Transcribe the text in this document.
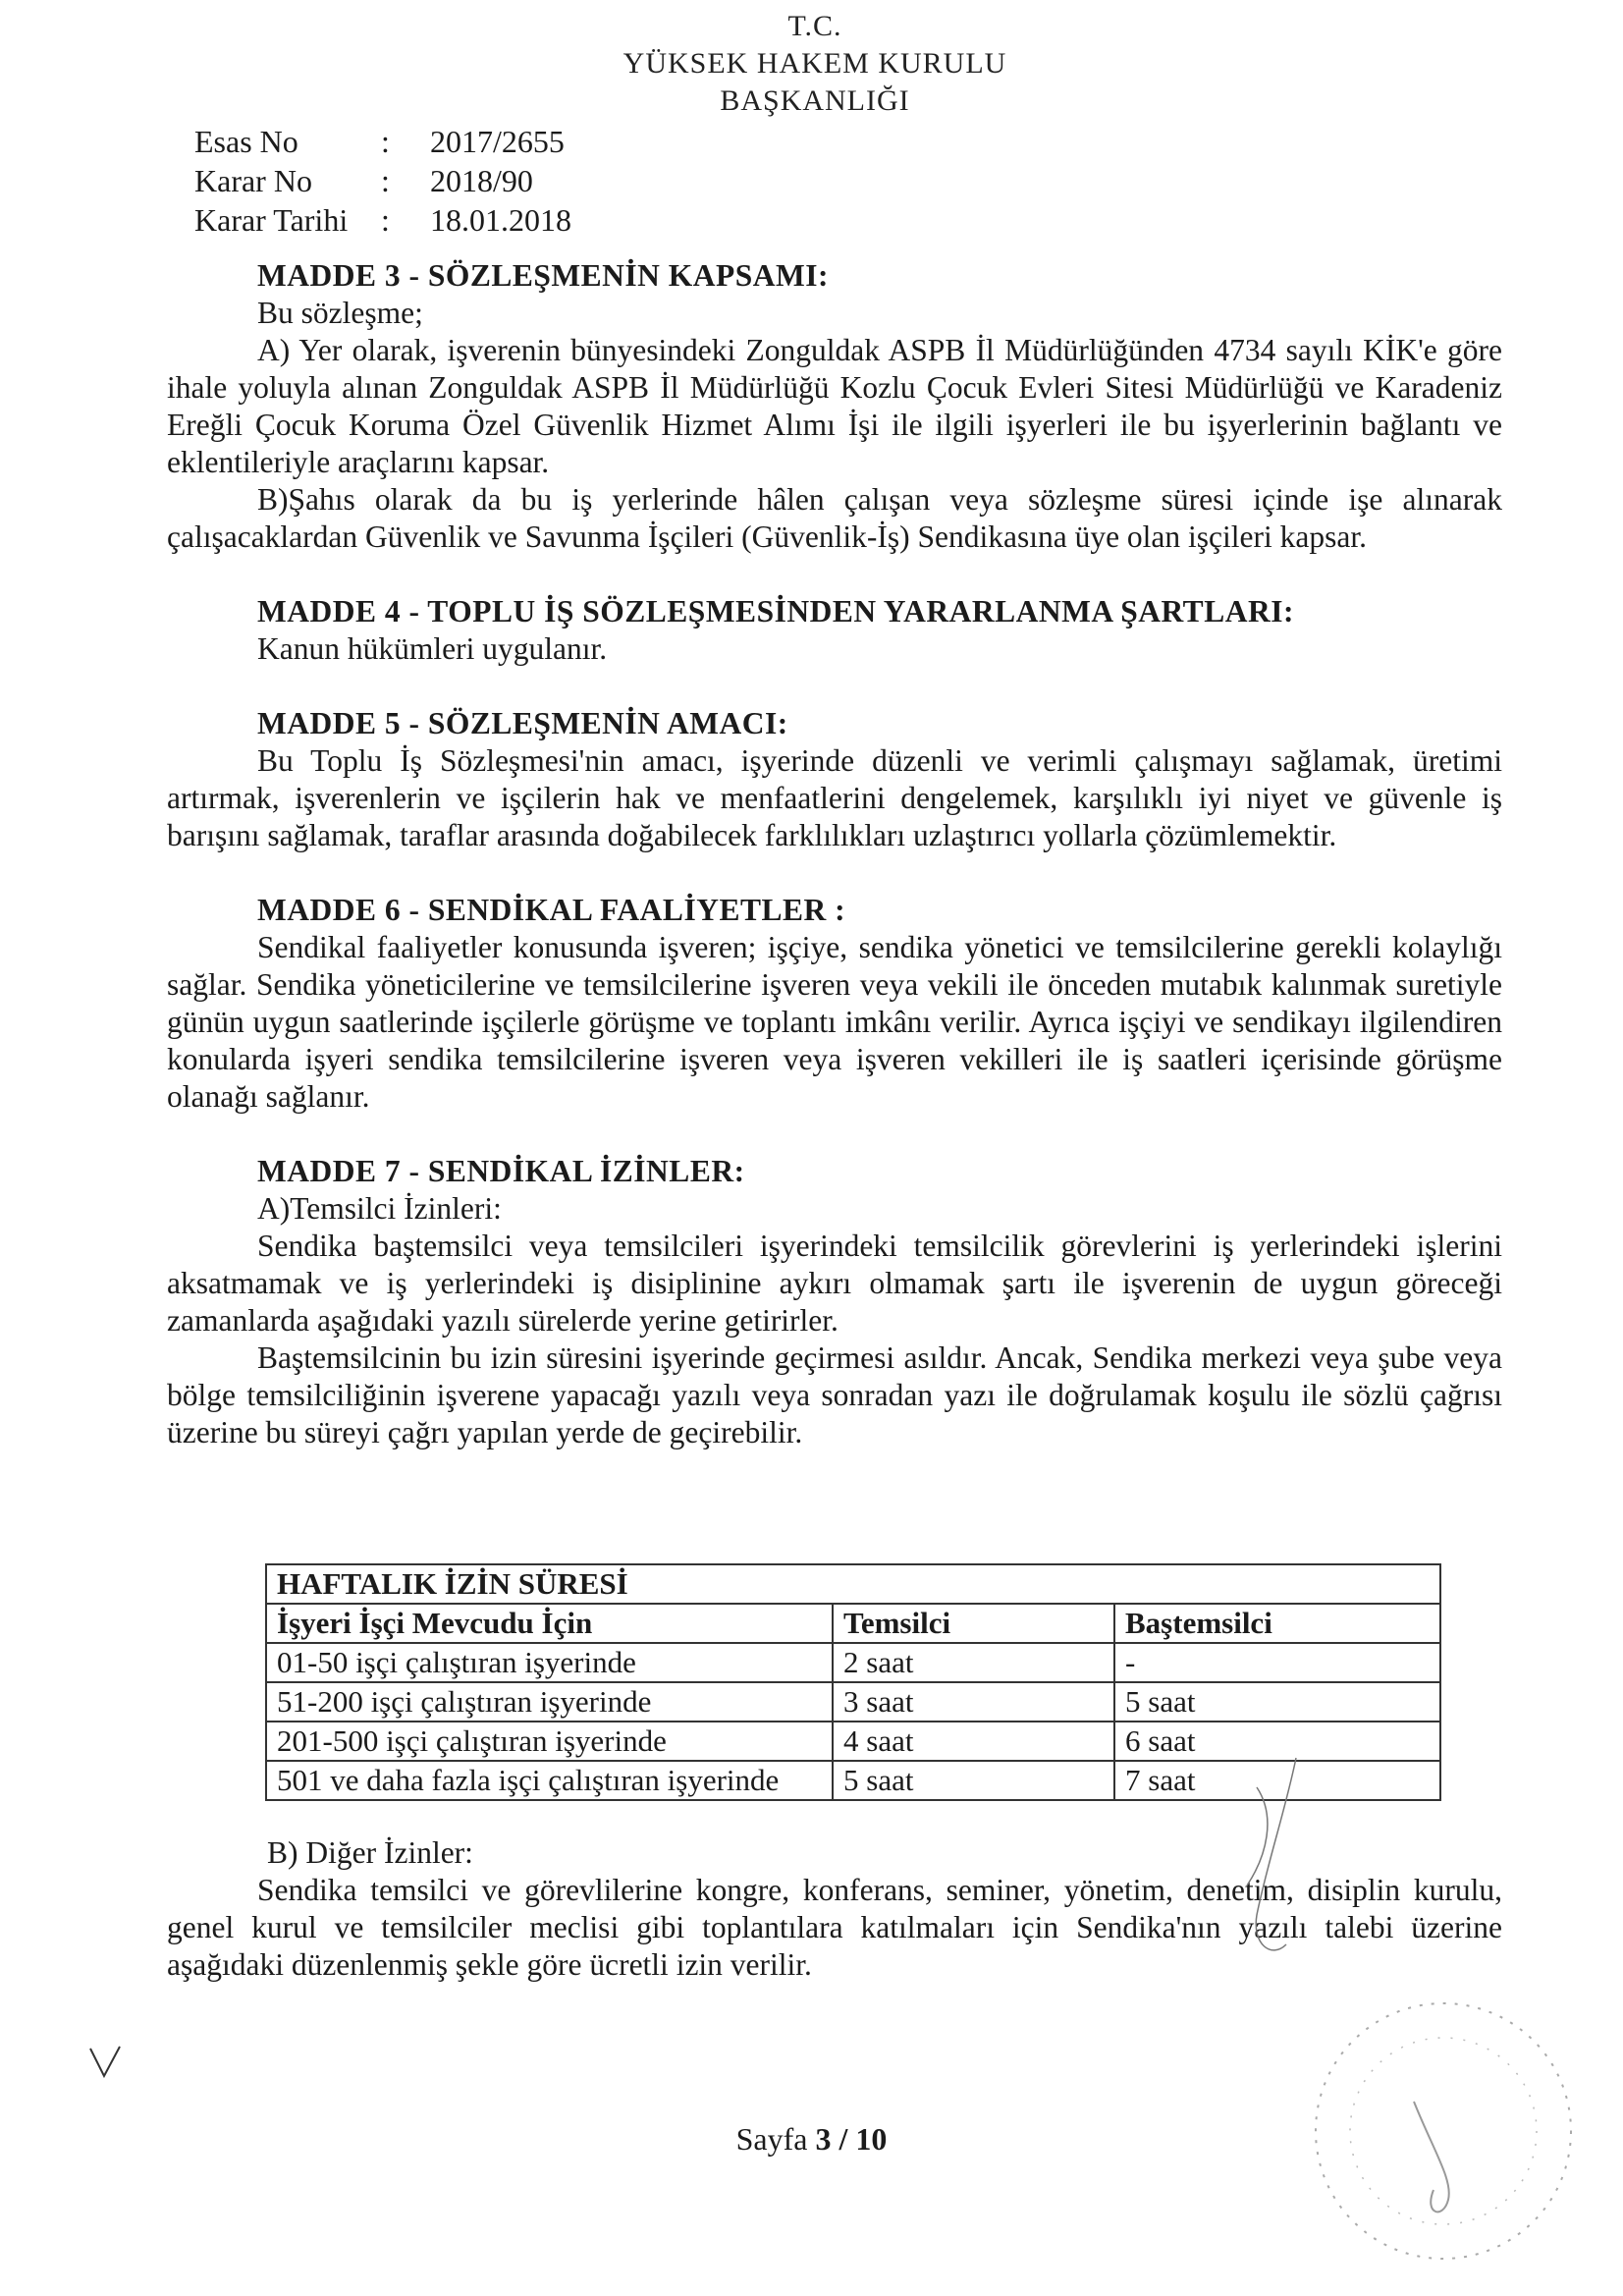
T.C.
YÜKSEK HAKEM KURULU
BAŞKANLIĞI
Esas No	:	2017/2655
Karar No	:	2018/90
Karar Tarihi	:	18.01.2018
MADDE 3 - SÖZLEŞMENİN KAPSAMI:

Bu sözleşme;

A) Yer olarak, işverenin bünyesindeki Zonguldak ASPB İl Müdürlüğünden 4734 sayılı KİK'e göre ihale yoluyla alınan Zonguldak ASPB İl Müdürlüğü Kozlu Çocuk Evleri Sitesi Müdürlüğü ve Karadeniz Ereğli Çocuk Koruma Özel Güvenlik Hizmet Alımı İşi ile ilgili işyerleri ile bu işyerlerinin bağlantı ve eklentileriyle araçlarını kapsar.

B)Şahıs olarak da bu iş yerlerinde hâlen çalışan veya sözleşme süresi içinde işe alınarak çalışacaklardan Güvenlik ve Savunma İşçileri (Güvenlik-İş) Sendikasına üye olan işçileri kapsar.

MADDE 4 - TOPLU İŞ SÖZLEŞMESİNDEN YARARLANMA ŞARTLARI:

Kanun hükümleri uygulanır.

MADDE 5 - SÖZLEŞMENİN AMACI:

Bu Toplu İş Sözleşmesi'nin amacı, işyerinde düzenli ve verimli çalışmayı sağlamak, üretimi artırmak, işverenlerin ve işçilerin hak ve menfaatlerini dengelemek, karşılıklı iyi niyet ve güvenle iş barışını sağlamak, taraflar arasında doğabilecek farklılıkları uzlaştırıcı yollarla çözümlemektir.

MADDE 6 - SENDİKAL FAALİYETLER :

Sendikal faaliyetler konusunda işveren; işçiye, sendika yönetici ve temsilcilerine gerekli kolaylığı sağlar. Sendika yöneticilerine ve temsilcilerine işveren veya vekili ile önceden mutabık kalınmak suretiyle günün uygun saatlerinde işçilerle görüşme ve toplantı imkânı verilir. Ayrıca işçiyi ve sendikayı ilgilendiren konularda işyeri sendika temsilcilerine işveren veya işveren vekilleri ile iş saatleri içerisinde görüşme olanağı sağlanır.

MADDE 7 - SENDİKAL İZİNLER:

A)Temsilci İzinleri:

Sendika baştemsilci veya temsilcileri işyerindeki temsilcilik görevlerini iş yerlerindeki işlerini aksatmamak ve iş yerlerindeki iş disiplinine aykırı olmamak şartı ile işverenin de uygun göreceği zamanlarda aşağıdaki yazılı sürelerde yerine getirirler.

Baştemsilcinin bu izin süresini işyerinde geçirmesi asıldır. Ancak, Sendika merkezi veya şube veya bölge temsilciliğinin işverene yapacağı yazılı veya sonradan yazı ile doğrulamak koşulu ile sözlü çağrısı üzerine bu süreyi çağrı yapılan yerde de geçirebilir.

HAFTALIK İZİN SÜRESİ		
İşyeri İşçi Mevcudu İçin	Temsilci	Baştemsilci
01-50 işçi çalıştıran işyerinde	2 saat	-
51-200 işçi çalıştıran işyerinde	3 saat	5 saat
201-500 işçi çalıştıran işyerinde	4 saat	6 saat
501 ve daha fazla işçi çalıştıran işyerinde	5 saat	7 saat

B) Diğer İzinler:

Sendika temsilci ve görevlilerine kongre, konferans, seminer, yönetim, denetim, disiplin kurulu, genel kurul ve temsilciler meclisi gibi toplantılara katılmaları için Sendika'nın yazılı talebi üzerine aşağıdaki düzenlenmiş şekle göre ücretli izin verilir.

Sayfa 3 / 10
